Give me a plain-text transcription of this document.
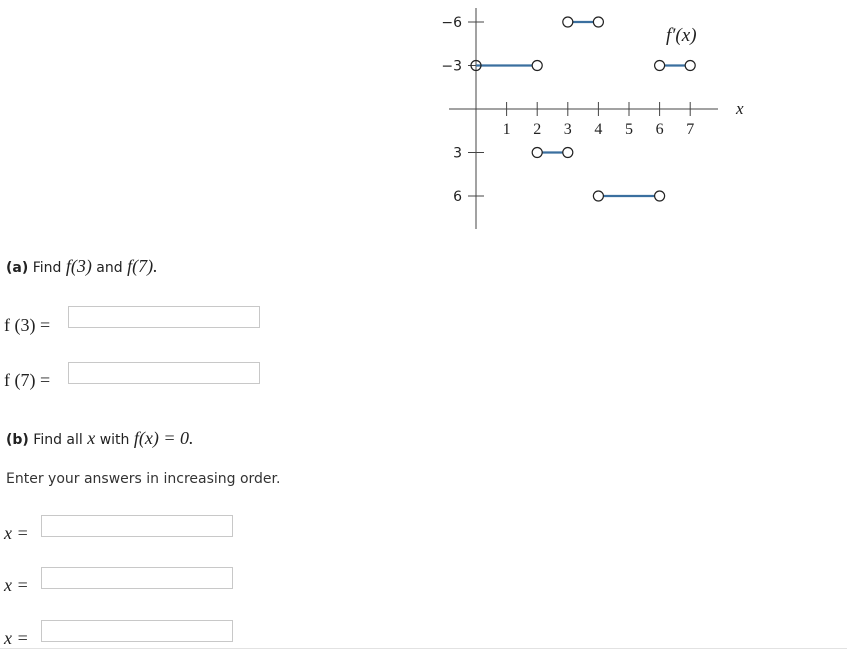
1 2 3 4 5 6 7
6
3
−3
−6
f′(x)
x
(a) Find f(3) and f(7).
f (3) =
f (7) =
(b) Find all x with f(x) = 0.
Enter your answers in increasing order.
x =
x =
x =
